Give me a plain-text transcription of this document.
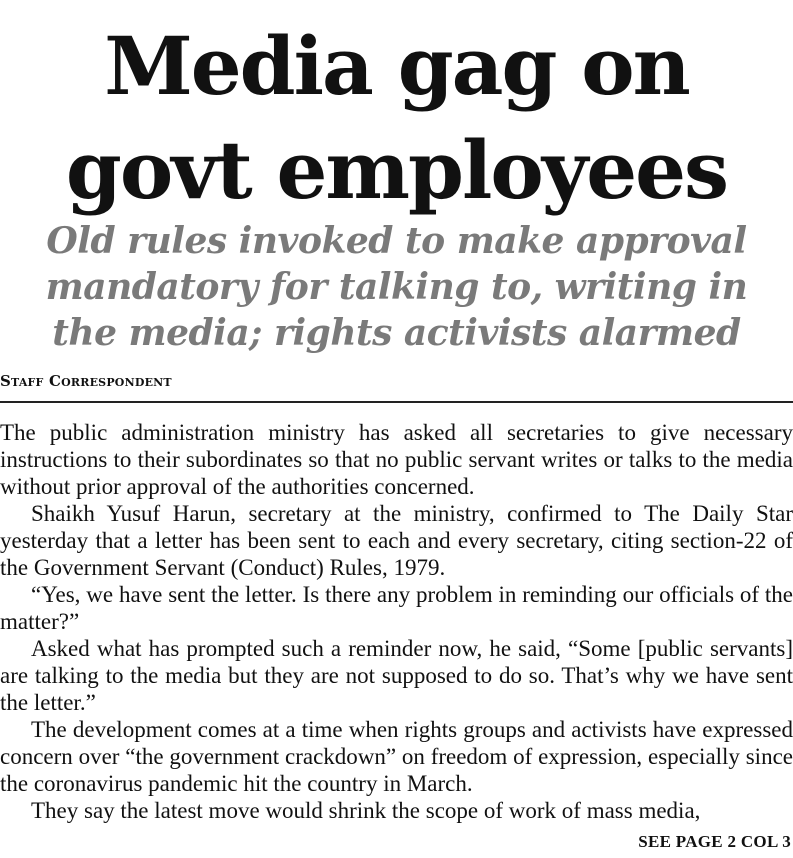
Media gag on
govt employees
Old rules invoked to make approval
mandatory for talking to, writing in
the media; rights activists alarmed
Staff Correspondent

The public administration ministry has asked all secretaries to give necessary instructions to their subordinates so that no public servant writes or talks to the media without prior approval of the authorities concerned.

Shaikh Yusuf Harun, secretary at the ministry, confirmed to The Daily Star yesterday that a letter has been sent to each and every secretary, citing section-22 of the Government Servant (Conduct) Rules, 1979.

“Yes, we have sent the letter. Is there any problem in reminding our officials of the matter?”

Asked what has prompted such a reminder now, he said, “Some [public servants] are talking to the media but they are not supposed to do so. That’s why we have sent the letter.”

The development comes at a time when rights groups and activists have expressed concern over “the government crackdown” on freedom of expression, especially since the coronavirus pandemic hit the country in March.

They say the latest move would shrink the scope of work of mass media,

SEE PAGE 2 COL 3
